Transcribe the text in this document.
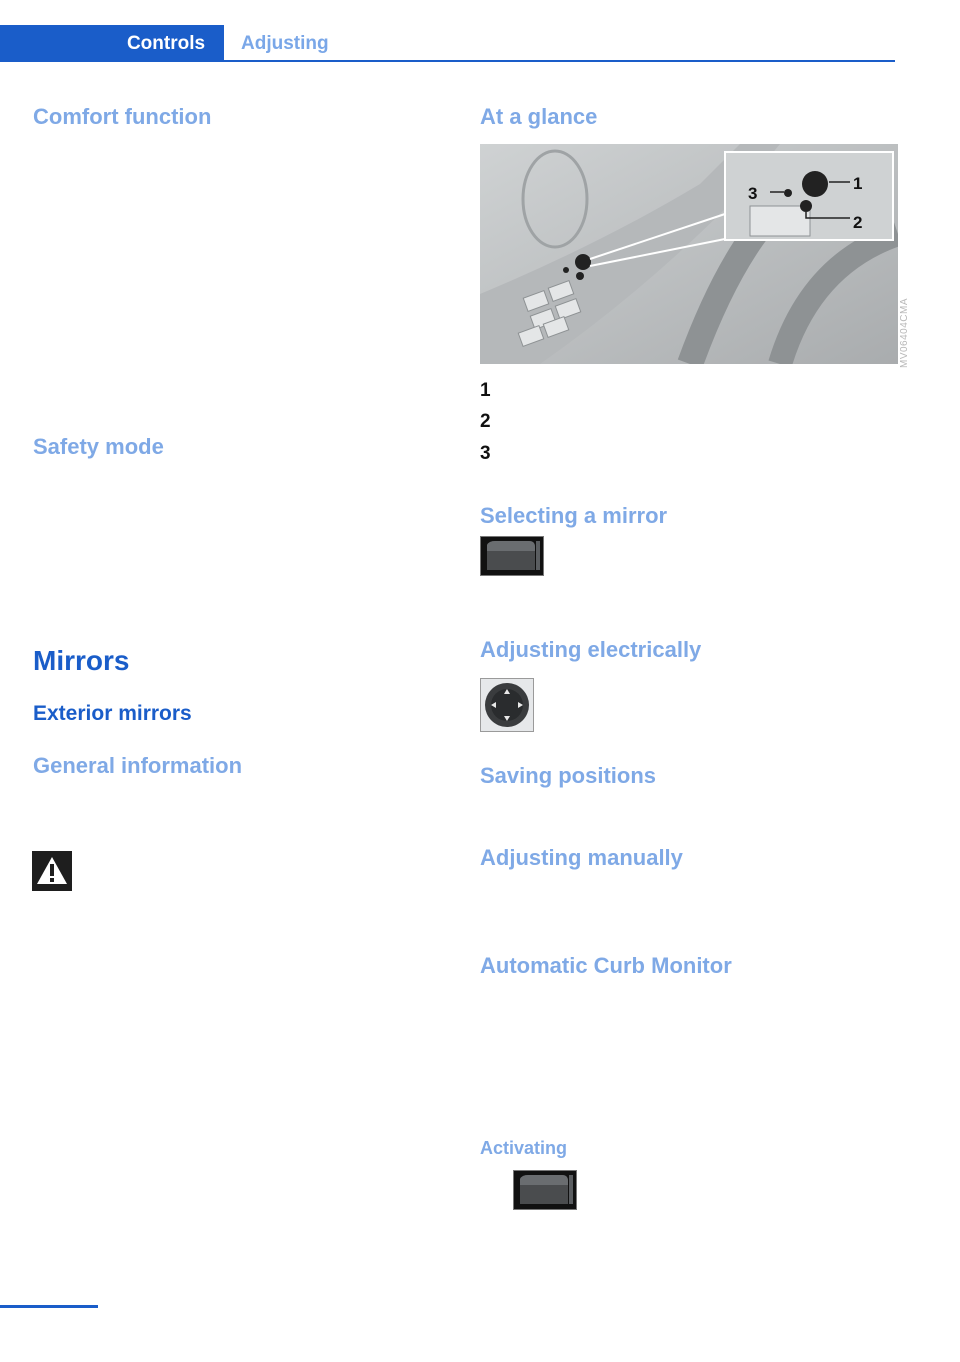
Controls	Adjusting
Comfort function
Safety mode
Mirrors
Exterior mirrors
General information
At a glance
1
2
3
MV06404CMA
1
2
3
Selecting a mirror
Adjusting electrically
Saving positions
Adjusting manually
Automatic Curb Monitor
Activating
